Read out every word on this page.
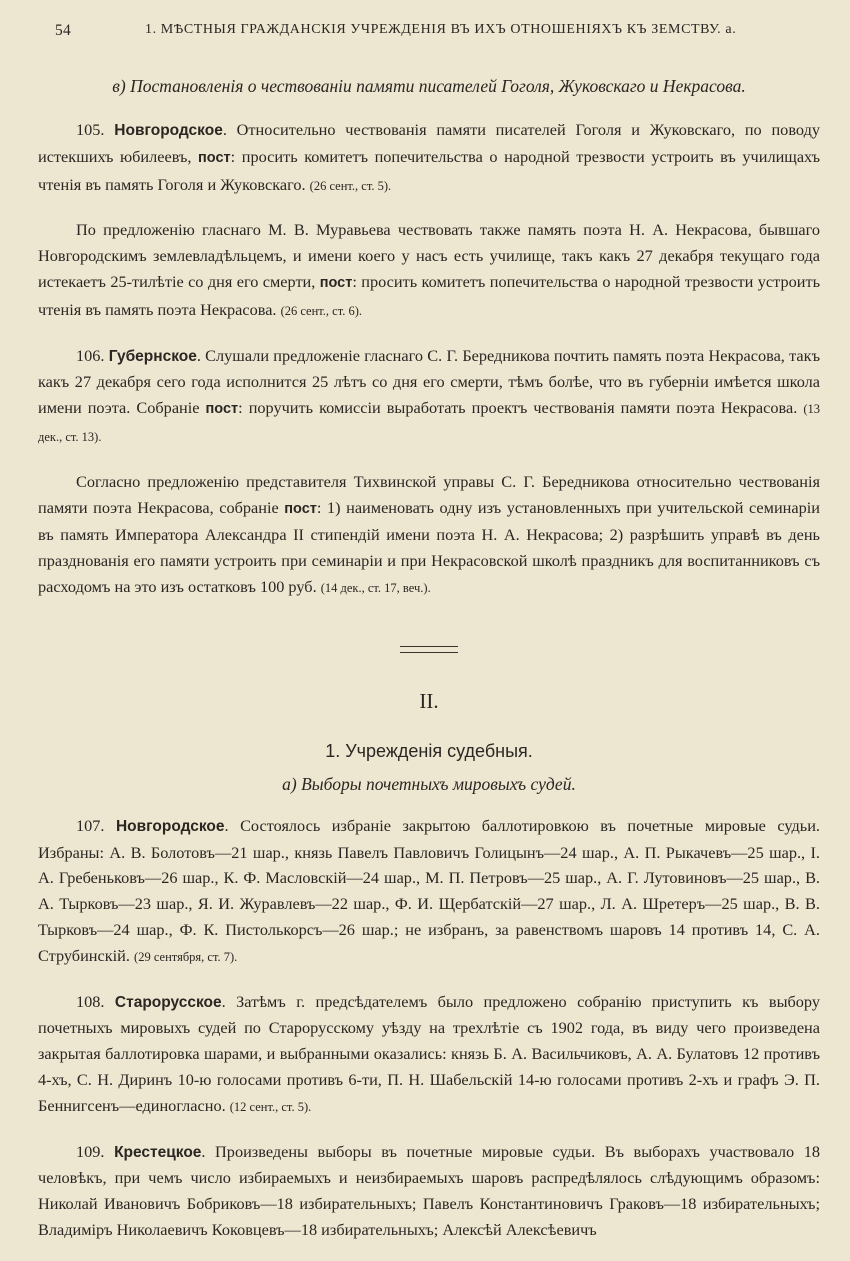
54	1. МѢСТНЫЯ ГРАЖДАНСКІЯ УЧРЕЖДЕНІЯ ВЪ ИХЪ ОТНОШЕНІЯХЪ КЪ ЗЕМСТВУ. а.
в) Постановленія о чествованіи памяти писателей Гоголя, Жуковскаго и Некрасова.

105. Новгородское. Относительно чествованія памяти писателей Гоголя и Жуковскаго, по поводу истекшихъ юбилеевъ, пост: просить комитетъ попечительства о народной трезвости устроить въ училищахъ чтенія въ память Гоголя и Жуковскаго. (26 сент., ст. 5).

По предложенію гласнаго М. В. Муравьева чествовать также память поэта Н. А. Некрасова, бывшаго Новгородскимъ землевладѣльцемъ, и имени коего у насъ есть училище, такъ какъ 27 декабря текущаго года истекаетъ 25-тилѣтіе со дня его смерти, пост: просить комитетъ попечительства о народной трезвости устроить чтенія въ память поэта Некрасова. (26 сент., ст. 6).

106. Губернское. Слушали предложеніе гласнаго С. Г. Бередникова почтить память поэта Некрасова, такъ какъ 27 декабря сего года исполнится 25 лѣтъ со дня его смерти, тѣмъ болѣе, что въ губерніи имѣется школа имени поэта. Собраніе пост: поручить комиссіи выработать проектъ чествованія памяти поэта Некрасова. (13 дек., ст. 13).

Согласно предложенію представителя Тихвинской управы С. Г. Бередникова относительно чествованія памяти поэта Некрасова, собраніе пост: 1) наименовать одну изъ установленныхъ при учительской семинаріи въ память Императора Александра II стипендій имени поэта Н. А. Некрасова; 2) разрѣшить управѣ въ день празднованія его памяти устроить при семинаріи и при Некрасовской школѣ праздникъ для воспитанниковъ съ расходомъ на это изъ остатковъ 100 руб. (14 дек., ст. 17, веч.).

II.
1. Учрежденія судебныя.
а) Выборы почетныхъ мировыхъ судей.

107. Новгородское. Состоялось избраніе закрытою баллотировкою въ почетные мировые судьи. Избраны: А. В. Болотовъ—21 шар., князь Павелъ Павловичъ Голицынъ—24 шар., А. П. Рыкачевъ—25 шар., І. А. Гребеньковъ—26 шар., К. Ф. Масловскій—24 шар., М. П. Петровъ—25 шар., А. Г. Лутовиновъ—25 шар., В. А. Тырковъ—23 шар., Я. И. Журавлевъ—22 шар., Ф. И. Щербатскій—27 шар., Л. А. Шретеръ—25 шар., В. В. Тырковъ—24 шар., Ф. К. Пистолькорсъ—26 шар.; не избранъ, за равенствомъ шаровъ 14 противъ 14, С. А. Струбинскій. (29 сентября, ст. 7).

108. Старорусское. Затѣмъ г. предсѣдателемъ было предложено собранію приступить къ выбору почетныхъ мировыхъ судей по Старорусскому уѣзду на трехлѣтіе съ 1902 года, въ виду чего произведена закрытая баллотировка шарами, и выбранными оказались: князь Б. А. Васильчиковъ, А. А. Булатовъ 12 противъ 4-хъ, С. Н. Диринъ 10-ю голосами противъ 6-ти, П. Н. Шабельскій 14-ю голосами противъ 2-хъ и графъ Э. П. Беннигсенъ—единогласно. (12 сент., ст. 5).

109. Крестецкое. Произведены выборы въ почетные мировые судьи. Въ выборахъ участвовало 18 человѣкъ, при чемъ число избираемыхъ и неизбираемыхъ шаровъ распредѣлялось слѣдующимъ образомъ: Николай Ивановичъ Бобриковъ—18 избирательныхъ; Павелъ Константиновичъ Граковъ—18 избирательныхъ; Владиміръ Николаевичъ Коковцевъ—18 избирательныхъ; Алексѣй Алексѣевичъ
